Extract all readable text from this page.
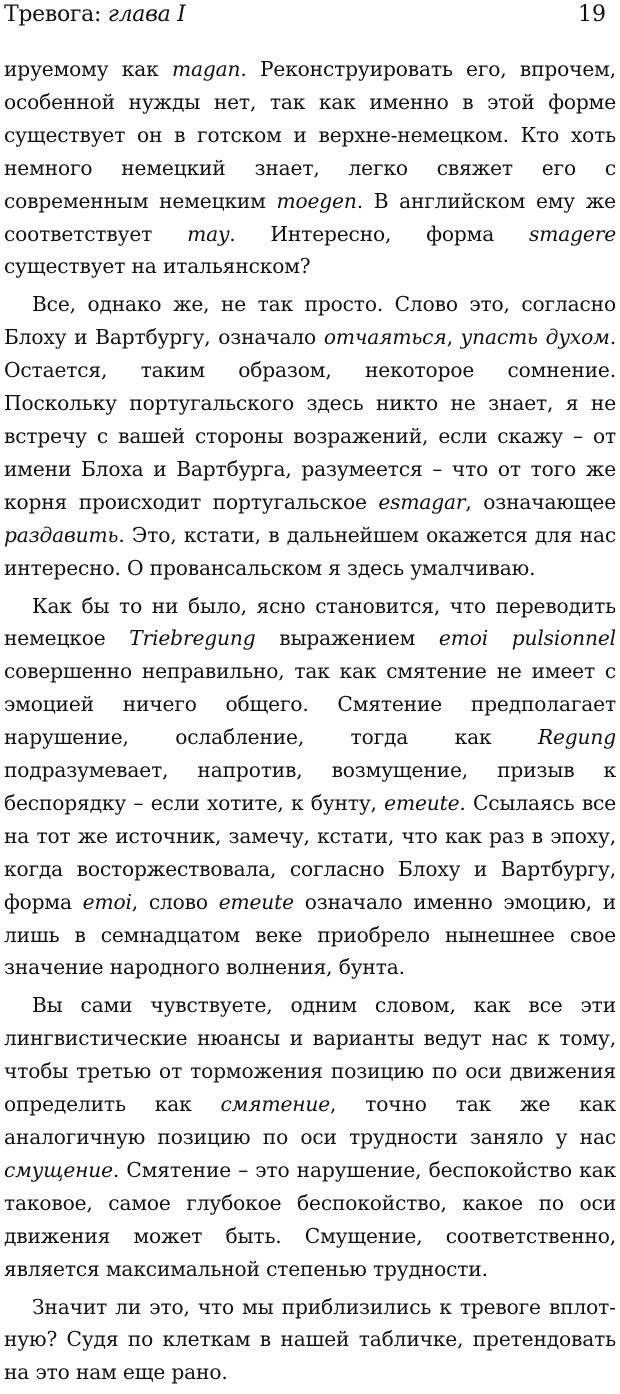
Тревога: глава I	19

ируемому как magan. Реконструировать его, впрочем, особенной нужды нет, так как именно в этой форме существует он в готском и верхне-немецком. Кто хоть немного немецкий знает, легко свяжет его с современным немецким moegen. В английском ему же соответствует may. Интересно, форма smagere существует на итальянском?

Все, однако же, не так просто. Слово это, согласно Блоху и Вартбургу, означало отчаяться, упасть духом. Остается, таким образом, некоторое сомнение. Поскольку португальского здесь никто не знает, я не встречу с вашей стороны возражений, если скажу – от имени Блоха и Вартбурга, разумеется – что от того же корня происходит португальское esmagar, означающее раздавить. Это, кстати, в дальнейшем окажется для нас интересно. О провансальском я здесь умалчиваю.

Как бы то ни было, ясно становится, что переводить немецкое Triebregung выражением emoi pulsionnel совершенно неправильно, так как смятение не имеет с эмоцией ничего общего. Смятение предполагает нарушение, ослабление, тогда как Regung подразумевает, напротив, возмущение, призыв к беспорядку – если хотите, к бунту, emeute. Ссылаясь все на тот же источник, замечу, кстати, что как раз в эпоху, когда восторжествовала, согласно Блоху и Вартбургу, форма emoi, слово emeute означало именно эмоцию, и лишь в семнадцатом веке приобрело нынешнее свое значение народного волнения, бунта.

Вы сами чувствуете, одним словом, как все эти лингвистические нюансы и варианты ведут нас к тому, чтобы третью от торможения позицию по оси движения определить как смятение, точно так же как аналогичную позицию по оси трудности заняло у нас смущение. Смятение – это нарушение, беспокойство как таковое, самое глубокое беспокойство, какое по оси движения может быть. Смущение, соответственно, является максимальной степенью трудности.

Значит ли это, что мы приблизились к тревоге вплотную? Судя по клеткам в нашей табличке, претендовать на это нам еще рано.
